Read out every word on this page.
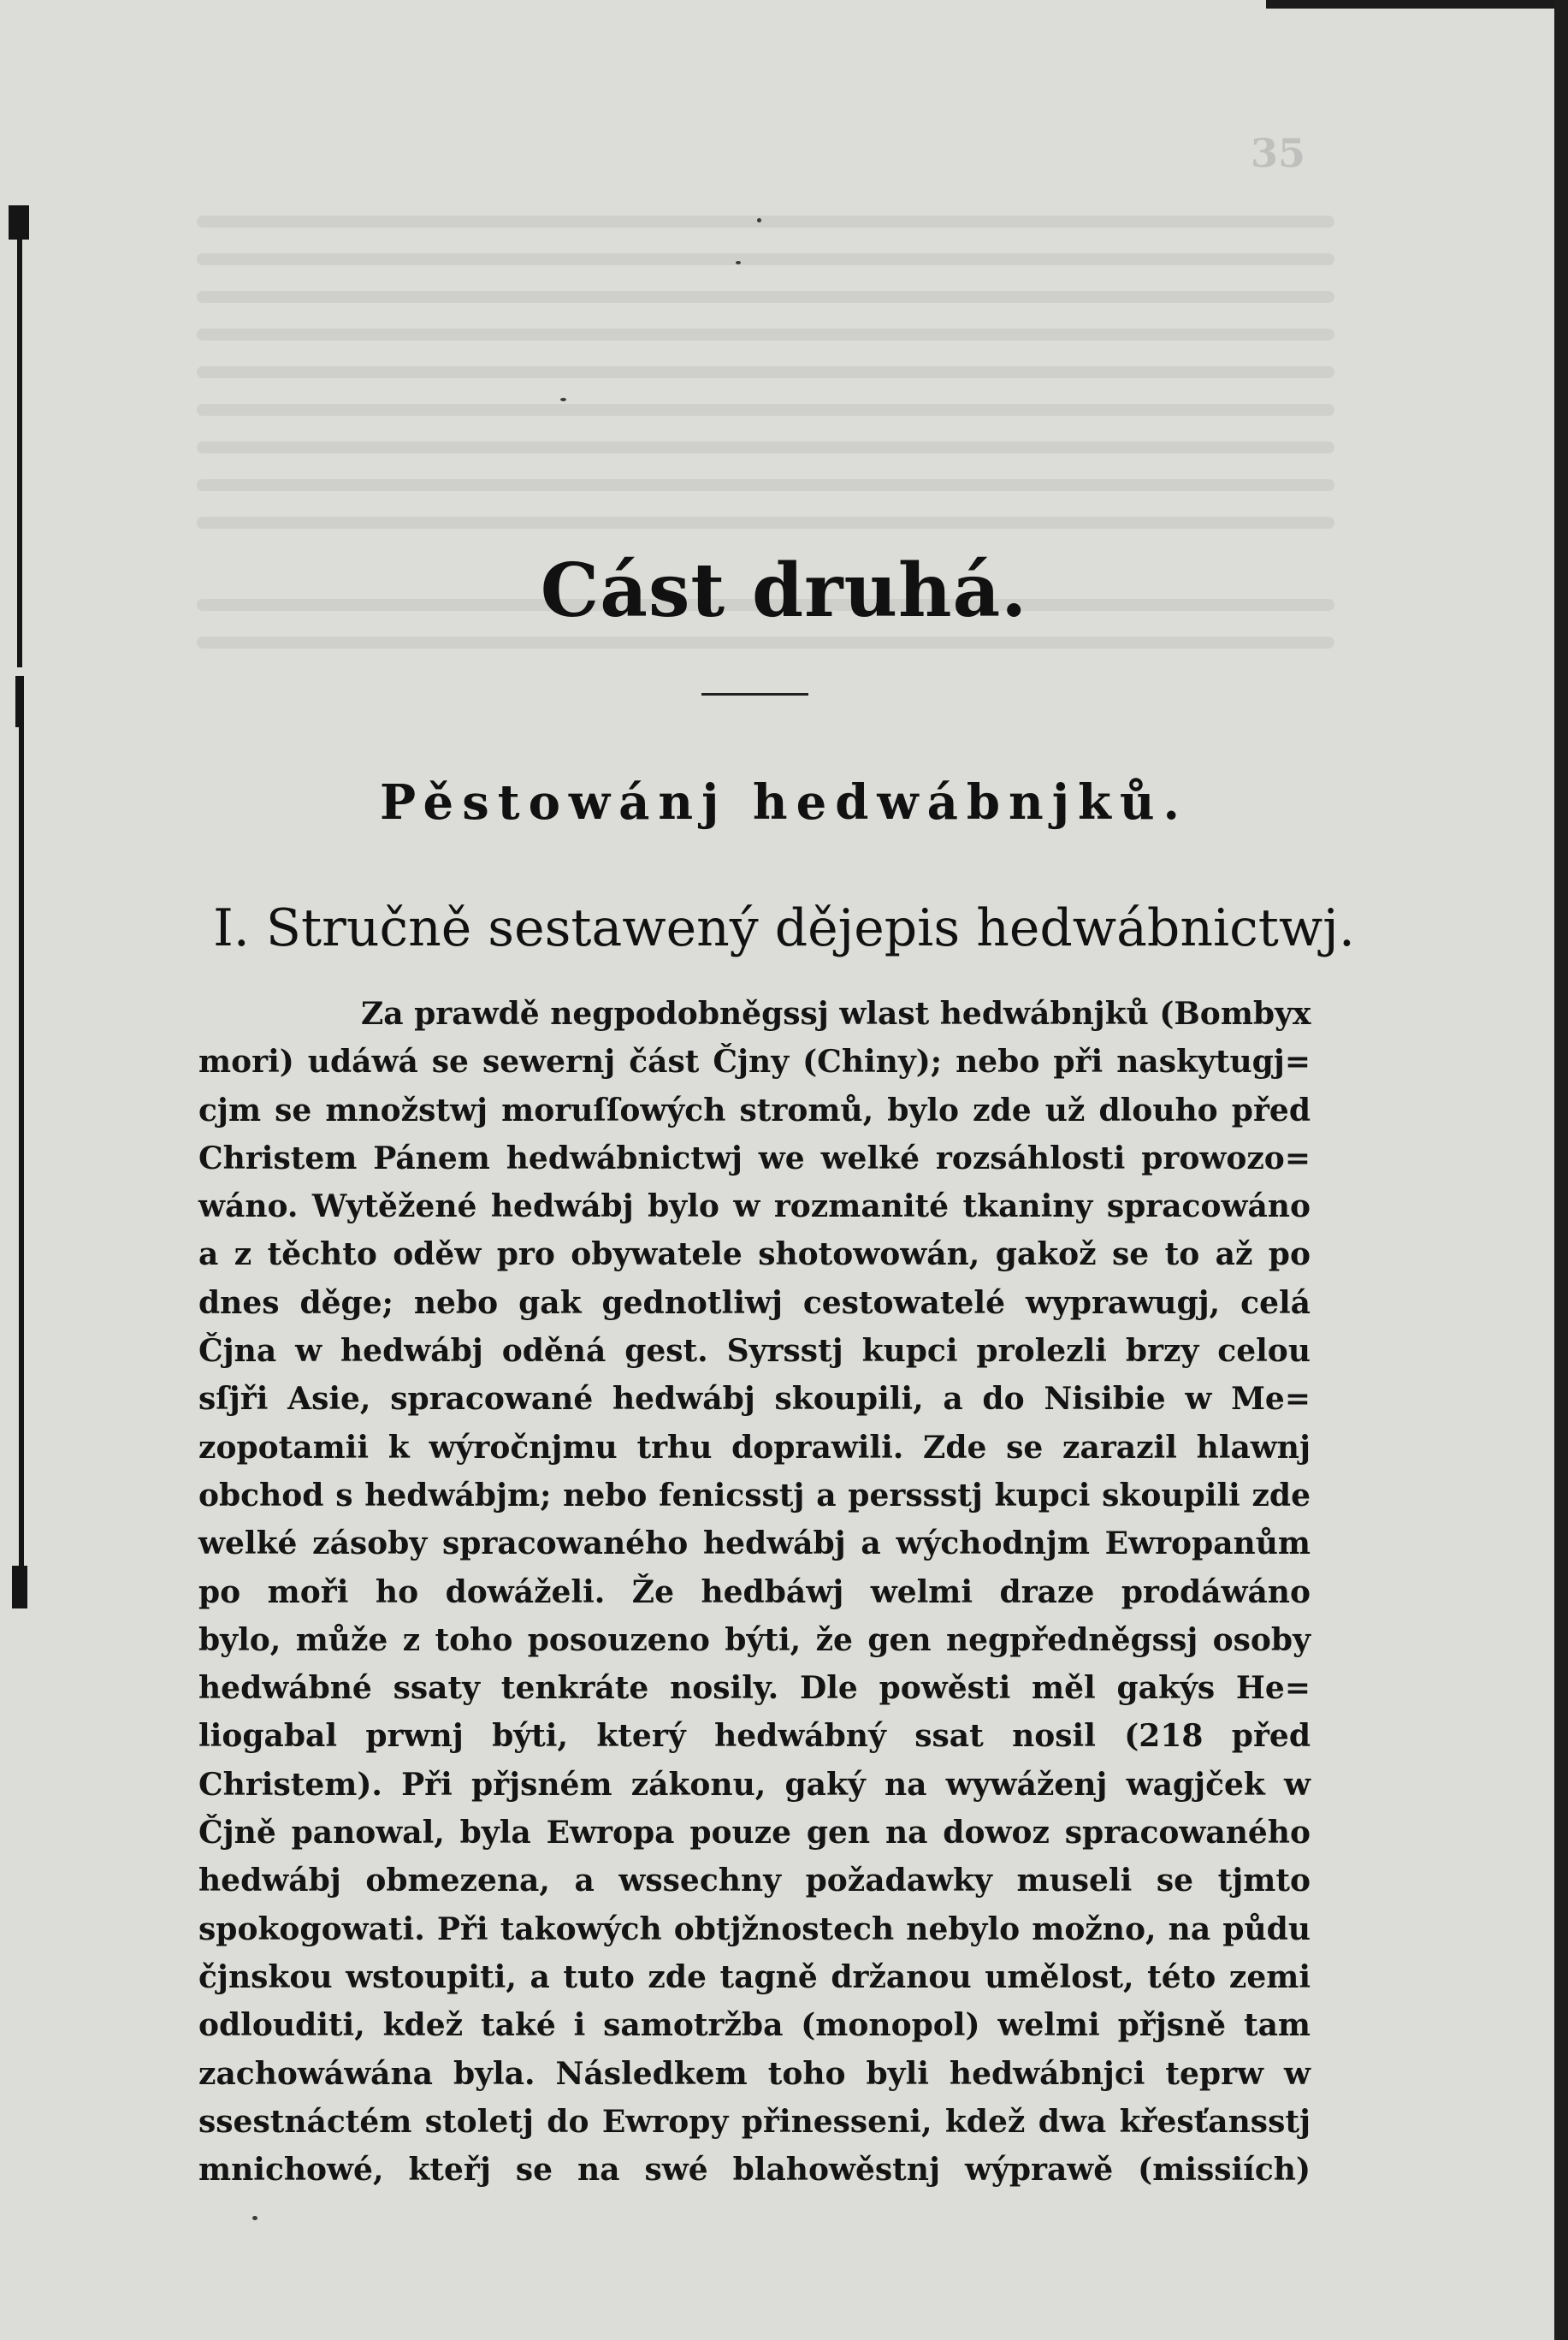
35
Cást druhá.
Pěstowánj hedwábnjků.
I. Stručně sestawený dějepis hedwábnictwj.
Za prawdě negpodobněgssj wlast hedwábnjků (Bombyx
mori) udáwá se sewernj část Čjny (Chiny); nebo při naskytugj=
cjm se množstwj moruſſowých stromů, bylo zde už dlouho před
Christem Pánem hedwábnictwj we welké rozsáhlosti prowozo=
wáno. Wytěžené hedwábj bylo w rozmanité tkaniny spracowáno
a z těchto oděw pro obywatele shotowowán, gakož se to až po
dnes děge; nebo gak gednotliwj cestowatelé wyprawugj, celá
Čjna w hedwábj oděná gest. Syrsstj kupci prolezli brzy celou
sſjři Asie, spracowané hedwábj skoupili, a do Nisibie w Me=
zopotamii k wýročnjmu trhu doprawili. Zde se zarazil hlawnj
obchod s hedwábjm; nebo fenicsstj a perssstj kupci skoupili zde
welké zásoby spracowaného hedwábj a wýchodnjm Ewropanům
po moři ho dowáželi. Že hedbáwj welmi draze prodáwáno
bylo, může z toho posouzeno býti, že gen negpředněgssj osoby
hedwábné ssaty tenkráte nosily. Dle powěsti měl gakýs He=
liogabal prwnj býti, který hedwábný ssat nosil (218 před
Christem). Při přjsném zákonu, gaký na wywáženj wagjček w
Čjně panowal, byla Ewropa pouze gen na dowoz spracowaného
hedwábj obmezena, a wssechny požadawky museli se tjmto
spokogowati. Při takowých obtjžnostech nebylo možno, na půdu
čjnskou wstoupiti, a tuto zde tagně držanou umělost, této zemi
odlouditi, kdež také i samotržba (monopol) welmi přjsně tam
zachowáwána byla. Následkem toho byli hedwábnjci teprw w
ssestnáctém stoletj do Ewropy přinesseni, kdež dwa křesťansstj
mnichowé, kteřj se na swé blahowěstnj wýprawě (missiích)
